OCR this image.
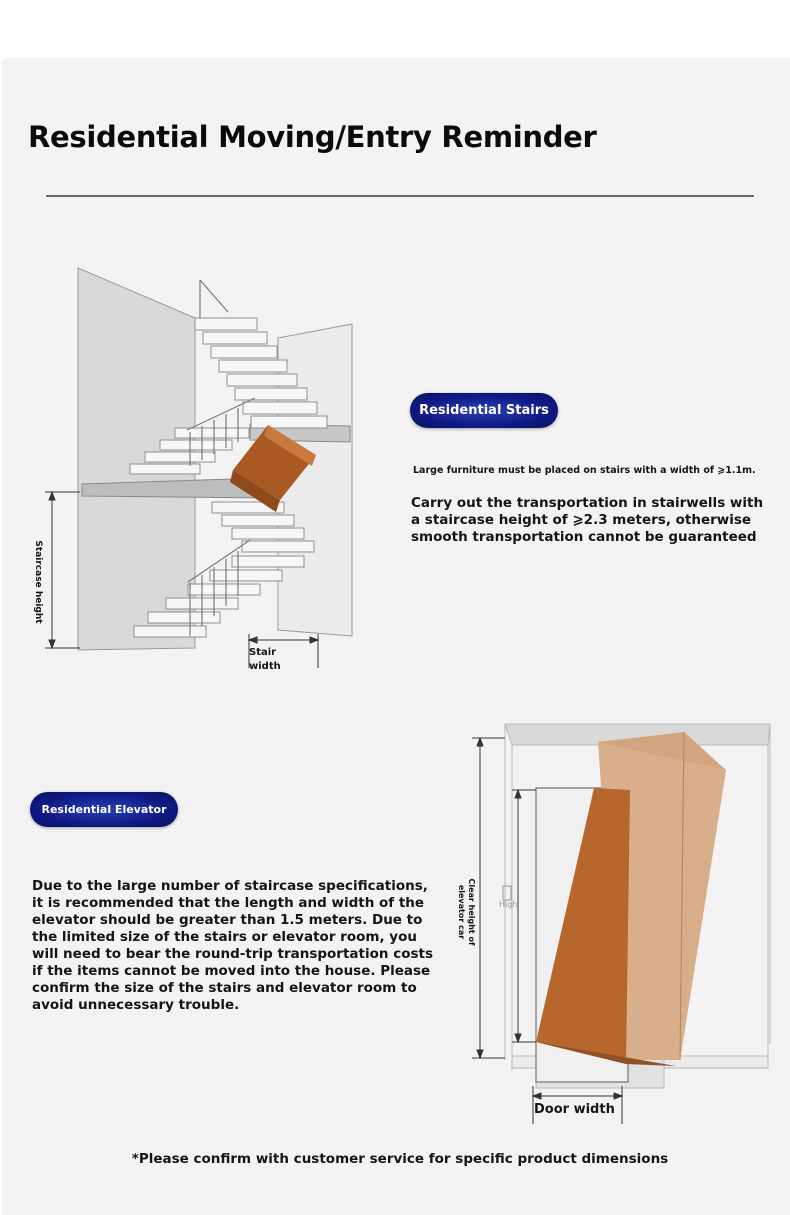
Residential Moving/Entry Reminder

Staircase height

Stair width

Residential Stairs

Large furniture must be placed on stairs with a width of ⩾1.1m.

Carry out the transportation in stairwells with a staircase height of ⩾2.3 meters, otherwise smooth transportation cannot be guaranteed

Clear height of elevator car	High

Door width

Residential Elevator

Due to the large number of staircase specifications, it is recommended that the length and width of the elevator should be greater than 1.5 meters. Due to the limited size of the stairs or elevator room, you will need to bear the round-trip transportation costs if the items cannot be moved into the house. Please confirm the size of the stairs and elevator room to avoid unnecessary trouble.

*Please confirm with customer service for specific product dimensions
